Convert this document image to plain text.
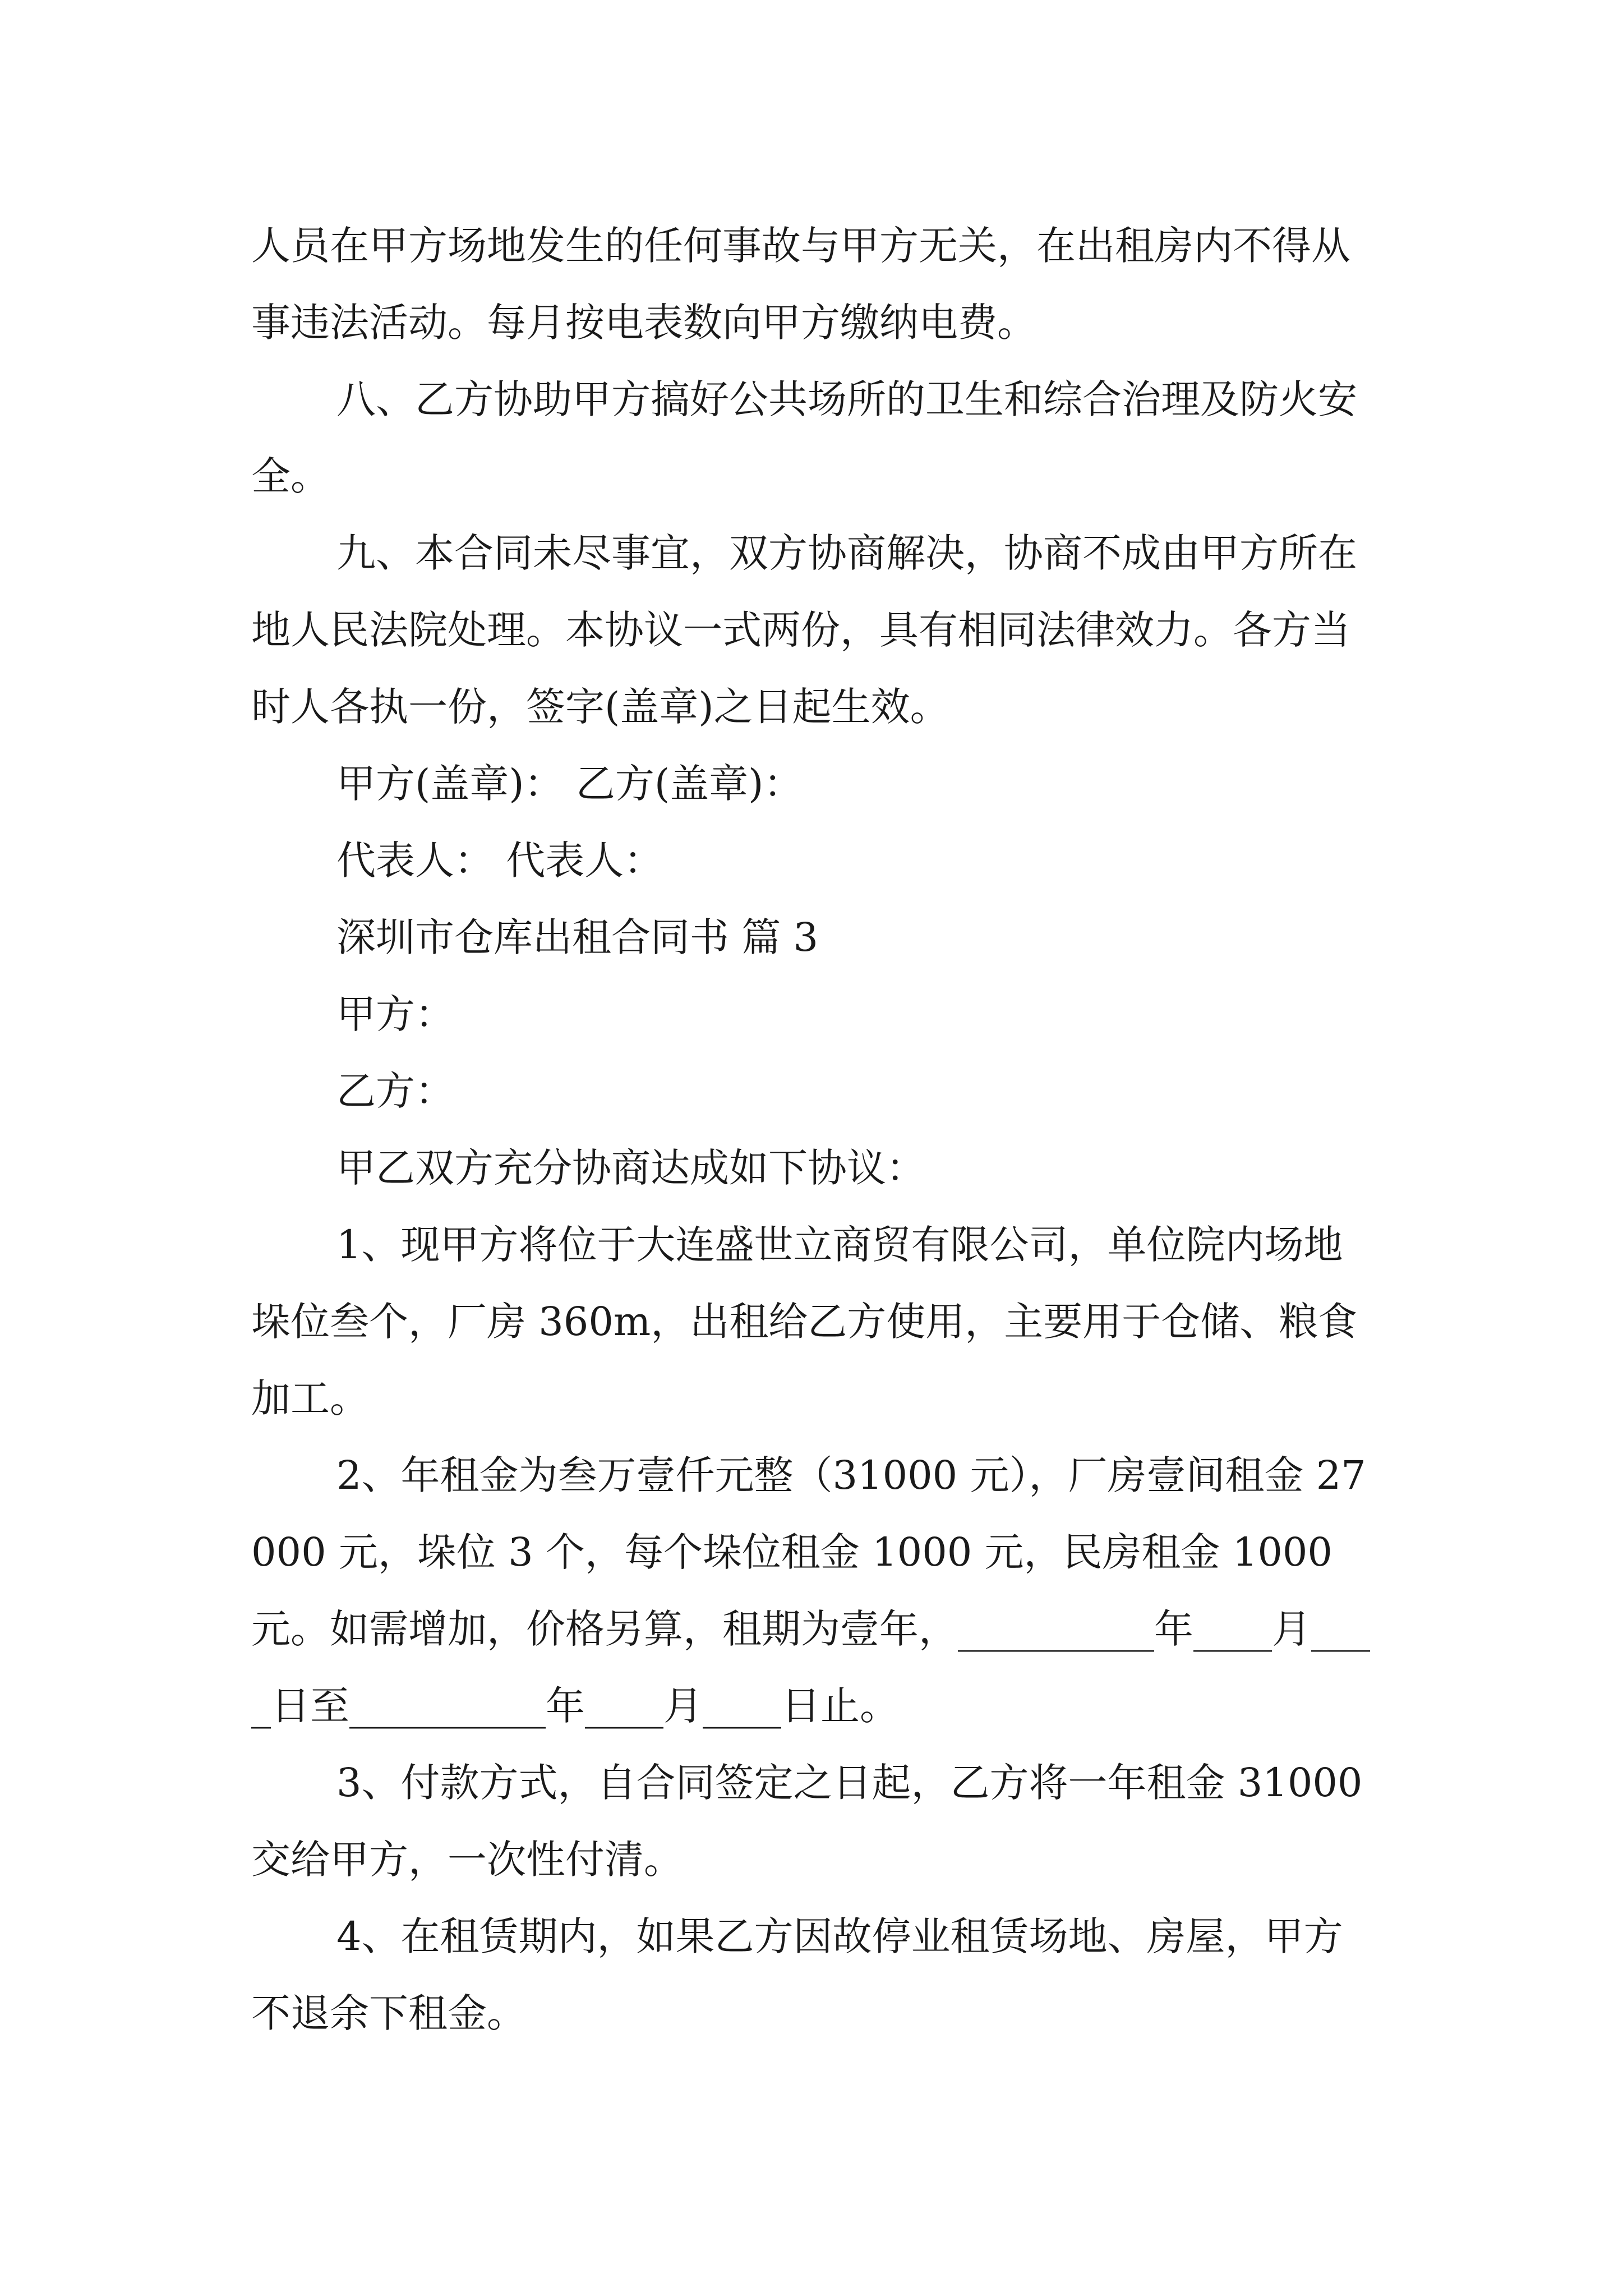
人员在甲方场地发生的任何事故与甲方无关，在出租房内不得从事违法活动。每月按电表数向甲方缴纳电费。

八、乙方协助甲方搞好公共场所的卫生和综合治理及防火安全。

九、本合同未尽事宜，双方协商解决，协商不成由甲方所在地人民法院处理。本协议一式两份，具有相同法律效力。各方当时人各执一份，签字(盖章)之日起生效。

甲方(盖章)： 乙方(盖章)：

代表人： 代表人：

深圳市仓库出租合同书 篇 3

甲方：

乙方：

甲乙双方充分协商达成如下协议：

1、现甲方将位于大连盛世立商贸有限公司，单位院内场地垛位叁个，厂房 360m，出租给乙方使用，主要用于仓储、粮食加工。

2、年租金为叁万壹仟元整（31000 元），厂房壹间租金 27000 元，垛位 3 个，每个垛位租金 1000 元，民房租金 1000 元。如需增加，价格另算，租期为壹年，__________年____月____日至__________年____月____日止。

3、付款方式，自合同签定之日起，乙方将一年租金 31000 交给甲方，一次性付清。

4、在租赁期内，如果乙方因故停业租赁场地、房屋，甲方不退余下租金。
